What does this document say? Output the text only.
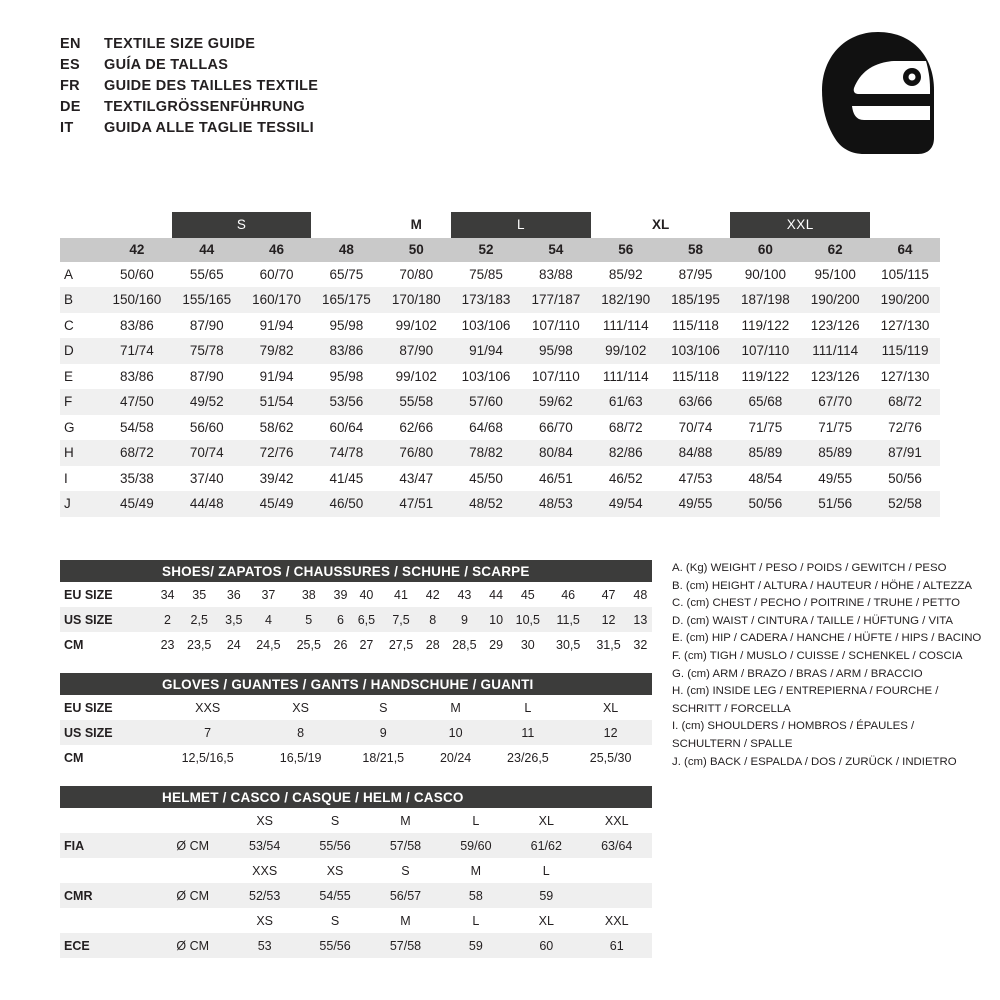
EN	TEXTILE SIZE GUIDE
ES	GUÍA DE TALLAS
FR	GUIDE DES TAILLES TEXTILE
DE	TEXTILGRÖSSENFÜHRUNG
IT	GUIDA ALLE TAGLIE TESSILI
		S			M	L		XL		XXL		
	42	44	46	48	50	52	54	56	58	60	62	64
A	50/60	55/65	60/70	65/75	70/80	75/85	83/88	85/92	87/95	90/100	95/100	105/115
B	150/160	155/165	160/170	165/175	170/180	173/183	177/187	182/190	185/195	187/198	190/200	190/200
C	83/86	87/90	91/94	95/98	99/102	103/106	107/110	111/114	115/118	119/122	123/126	127/130
D	71/74	75/78	79/82	83/86	87/90	91/94	95/98	99/102	103/106	107/110	111/114	115/119
E	83/86	87/90	91/94	95/98	99/102	103/106	107/110	111/114	115/118	119/122	123/126	127/130
F	47/50	49/52	51/54	53/56	55/58	57/60	59/62	61/63	63/66	65/68	67/70	68/72
G	54/58	56/60	58/62	60/64	62/66	64/68	66/70	68/72	70/74	71/75	71/75	72/76
H	68/72	70/74	72/76	74/78	76/80	78/82	80/84	82/86	84/88	85/89	85/89	87/91
I	35/38	37/40	39/42	41/45	43/47	45/50	46/51	46/52	47/53	48/54	49/55	50/56
J	45/49	44/48	45/49	46/50	47/51	48/52	48/53	49/54	49/55	50/56	51/56	52/58
	SHOES/ ZAPATOS / CHAUSSURES / SCHUHE / SCARPE														
EU SIZE	34	35	36	37	38	39	40	41	42	43	44	45	46	47	48
US SIZE	2	2,5	3,5	4	5	6	6,5	7,5	8	9	10	10,5	11,5	12	13
CM	23	23,5	24	24,5	25,5	26	27	27,5	28	28,5	29	30	30,5	31,5	32
	GLOVES / GUANTES / GANTS / HANDSCHUHE / GUANTI					
EU SIZE	XXS	XS	S	M	L	XL
US SIZE	7	8	9	10	11	12
CM	12,5/16,5	16,5/19	18/21,5	20/24	23/26,5	25,5/30
	HELMET / CASCO / CASQUE / HELM / CASCO						
		XS	S	M	L	XL	XXL
FIA	Ø CM	53/54	55/56	57/58	59/60	61/62	63/64
		XXS	XS	S	M	L	
CMR	Ø CM	52/53	54/55	56/57	58	59	
		XS	S	M	L	XL	XXL
ECE	Ø CM	53	55/56	57/58	59	60	61
A. (Kg) WEIGHT / PESO / POIDS / GEWITCH / PESO
B. (cm) HEIGHT / ALTURA / HAUTEUR / HÖHE / ALTEZZA
C. (cm) CHEST / PECHO / POITRINE / TRUHE / PETTO
D. (cm) WAIST / CINTURA / TAILLE / HÜFTUNG / VITA
E. (cm) HIP / CADERA / HANCHE / HÜFTE / HIPS / BACINO
F. (cm) TIGH / MUSLO / CUISSE / SCHENKEL / COSCIA
G. (cm) ARM / BRAZO / BRAS / ARM / BRACCIO
H. (cm) INSIDE LEG / ENTREPIERNA / FOURCHE /
SCHRITT / FORCELLA
I. (cm) SHOULDERS / HOMBROS / ÉPAULES /
SCHULTERN / SPALLE
J. (cm) BACK / ESPALDA / DOS / ZURÜCK / INDIETRO
